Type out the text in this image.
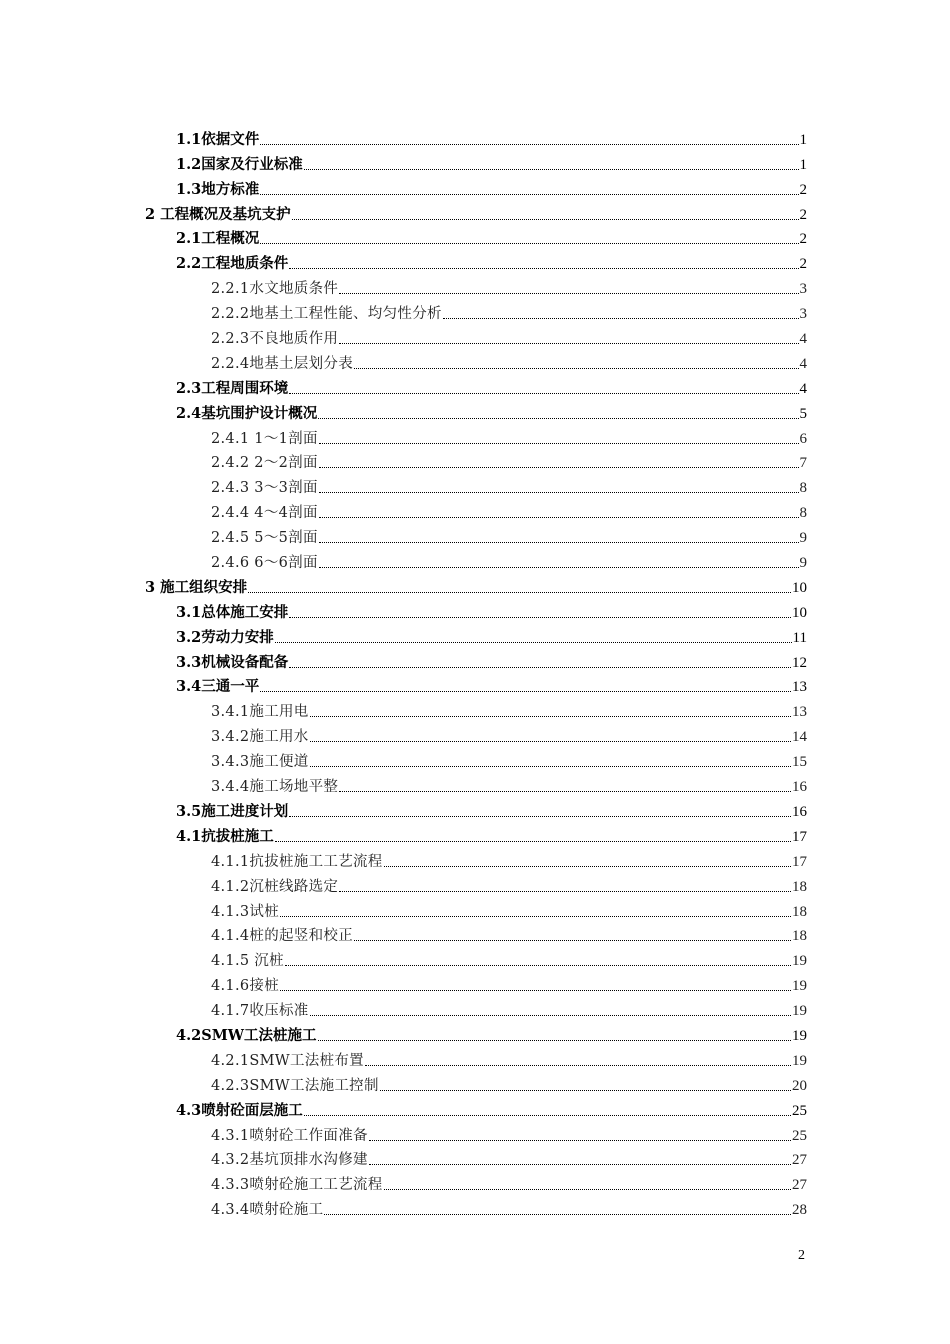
1.1依据文件	1
1.2国家及行业标准	1
1.3地方标准	2
2 工程概况及基坑支护	2
2.1工程概况	2
2.2工程地质条件	2
2.2.1水文地质条件	3
2.2.2地基土工程性能、均匀性分析	3
2.2.3不良地质作用	4
2.2.4地基土层划分表	4
2.3工程周围环境	4
2.4基坑围护设计概况	5
2.4.1 1～1剖面	6
2.4.2 2～2剖面	7
2.4.3 3～3剖面	8
2.4.4 4～4剖面	8
2.4.5 5～5剖面	9
2.4.6 6～6剖面	9
3 施工组织安排	10
3.1总体施工安排	10
3.2劳动力安排	11
3.3机械设备配备	12
3.4三通一平	13
3.4.1施工用电	13
3.4.2施工用水	14
3.4.3施工便道	15
3.4.4施工场地平整	16
3.5施工进度计划	16
4.1抗拔桩施工	17
4.1.1抗拔桩施工工艺流程	17
4.1.2沉桩线路选定	18
4.1.3试桩	18
4.1.4桩的起竖和校正	18
4.1.5 沉桩	19
4.1.6接桩	19
4.1.7收压标准	19
4.2SMW工法桩施工	19
4.2.1SMW工法桩布置	19
4.2.3SMW工法施工控制	20
4.3喷射砼面层施工	25
4.3.1喷射砼工作面准备	25
4.3.2基坑顶排水沟修建	27
4.3.3喷射砼施工工艺流程	27
4.3.4喷射砼施工	28
2
